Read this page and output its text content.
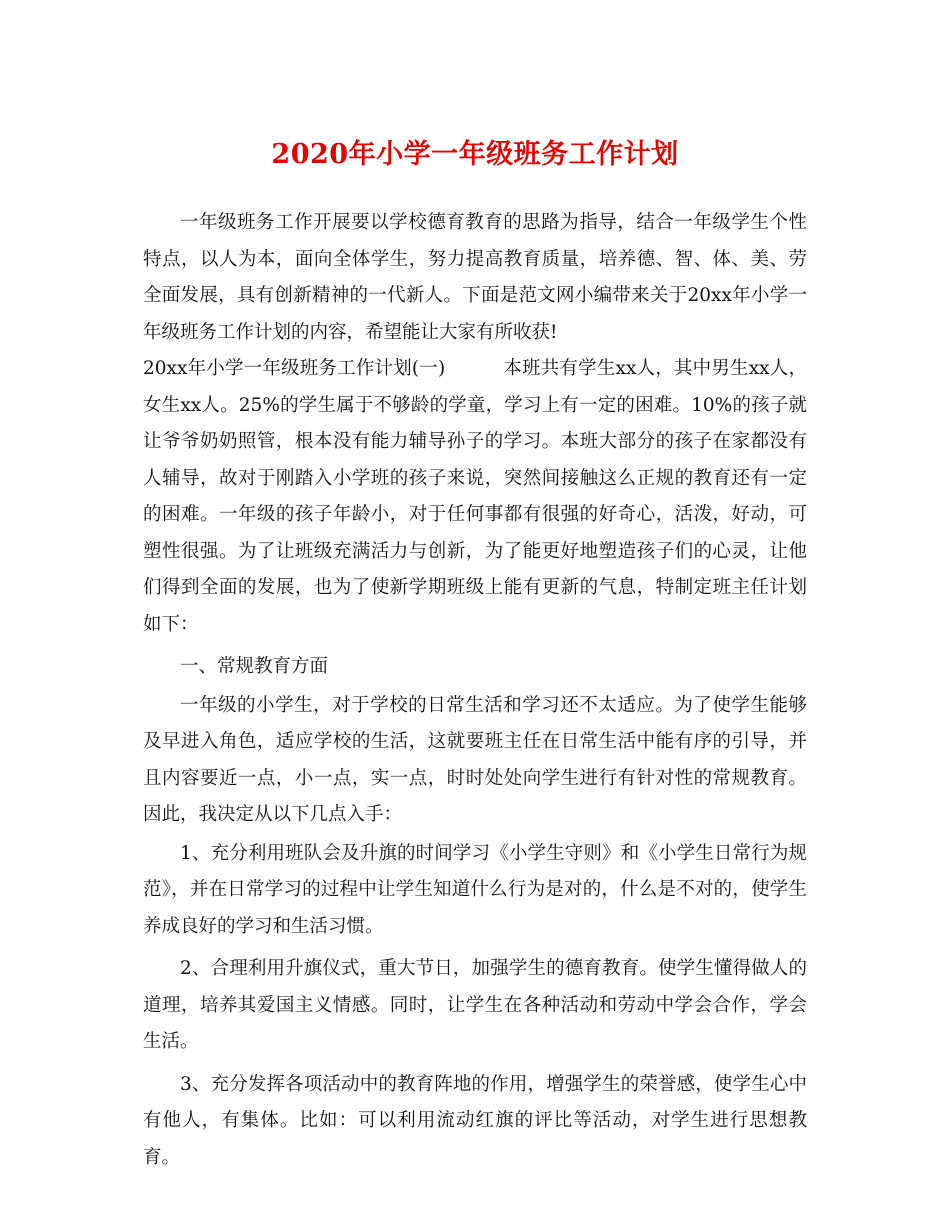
2020年小学一年级班务工作计划

一年级班务工作开展要以学校德育教育的思路为指导，结合一年级学生个性特点，以人为本，面向全体学生，努力提高教育质量，培养德、智、体、美、劳全面发展，具有创新精神的一代新人。下面是范文网小编带来关于20xx年小学一年级班务工作计划的内容，希望能让大家有所收获!

20xx年小学一年级班务工作计划(一)	本班共有学生xx人，其中男生xx人，女生xx人。25%的学生属于不够龄的学童，学习上有一定的困难。10%的孩子就让爷爷奶奶照管，根本没有能力辅导孙子的学习。本班大部分的孩子在家都没有人辅导，故对于刚踏入小学班的孩子来说，突然间接触这么正规的教育还有一定的困难。一年级的孩子年龄小，对于任何事都有很强的好奇心，活泼，好动，可塑性很强。为了让班级充满活力与创新，为了能更好地塑造孩子们的心灵，让他们得到全面的发展，也为了使新学期班级上能有更新的气息，特制定班主任计划如下：

一、常规教育方面

一年级的小学生，对于学校的日常生活和学习还不太适应。为了使学生能够及早进入角色，适应学校的生活，这就要班主任在日常生活中能有序的引导，并且内容要近一点，小一点，实一点，时时处处向学生进行有针对性的常规教育。因此，我决定从以下几点入手：

1、充分利用班队会及升旗的时间学习《小学生守则》和《小学生日常行为规范》，并在日常学习的过程中让学生知道什么行为是对的，什么是不对的，使学生养成良好的学习和生活习惯。

2、合理利用升旗仪式，重大节日，加强学生的德育教育。使学生懂得做人的道理，培养其爱国主义情感。同时，让学生在各种活动和劳动中学会合作，学会生活。

3、充分发挥各项活动中的教育阵地的作用，增强学生的荣誉感，使学生心中有他人，有集体。比如：可以利用流动红旗的评比等活动，对学生进行思想教育。
